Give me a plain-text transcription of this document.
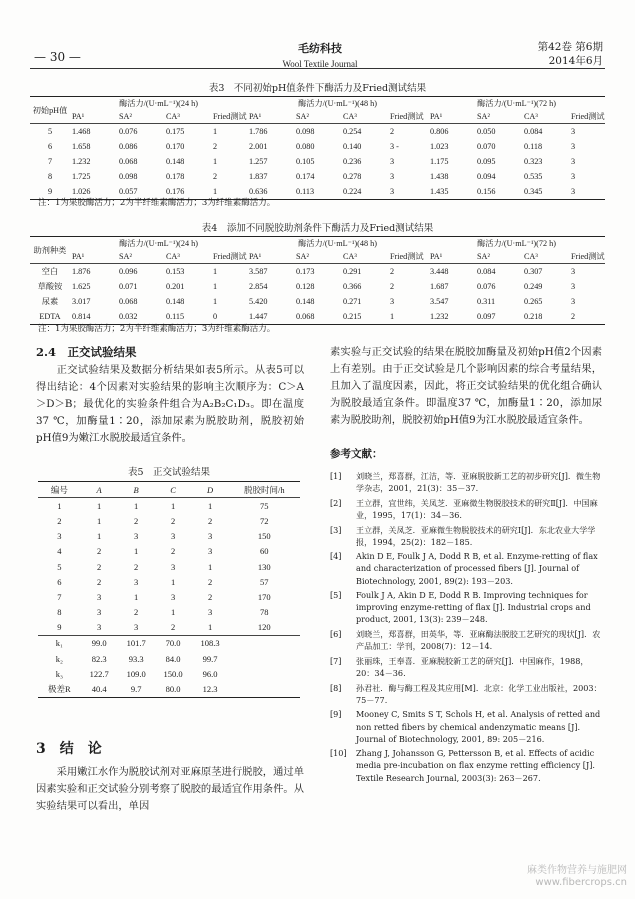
— 30 —
毛纺科技
Wool Textile Journal
第42卷 第6期
2014年6月
表3　不同初始pH值条件下酶活力及Fried测试结果
初始pH值	酶活力/(U·mL⁻¹)(24 h)				酶活力/(U·mL⁻¹)(48 h)				酶活力/(U·mL⁻¹)(72 h)			
	PA¹	SA²	CA³	Fried测试	PA¹	SA²	CA³	Fried测试	PA¹	SA²	CA³	Fried测试
5	1.468	0.076	0.175	1	1.786	0.098	0.254	2	0.806	0.050	0.084	3
6	1.658	0.086	0.170	2	2.001	0.080	0.140	3 -	1.023	0.070	0.118	3
7	1.232	0.068	0.148	1	1.257	0.105	0.236	3	1.175	0.095	0.323	3
8	1.725	0.098	0.178	2	1.837	0.174	0.278	3	1.438	0.094	0.535	3
9	1.026	0.057	0.176	1	0.636	0.113	0.224	3	1.435	0.156	0.345	3
注：1为果胶酶活力；2为半纤维素酶活力；3为纤维素酶活力。
表4　添加不同脱胶助剂条件下酶活力及Fried测试结果
助剂种类	酶活力/(U·mL⁻¹)(24 h)				酶活力/(U·mL⁻¹)(48 h)				酶活力/(U·mL⁻¹)(72 h)			
	PA¹	SA²	CA³	Fried测试	PA¹	SA²	CA³	Fried测试	PA¹	SA²	CA³	Fried测试
空白	1.876	0.096	0.153	1	3.587	0.173	0.291	2	3.448	0.084	0.307	3
草酸铵	1.625	0.071	0.201	1	2.854	0.128	0.366	2	1.687	0.076	0.249	3
尿素	3.017	0.068	0.148	1	5.420	0.148	0.271	3	3.547	0.311	0.265	3
EDTA	0.814	0.032	0.115	0	1.447	0.068	0.215	1	1.232	0.097	0.218	2
注：1为果胶酶活力；2为半纤维素酶活力；3为纤维素酶活力。
2.4　正交试验结果

正交试验结果及数据分析结果如表5所示。从表5可以得出结论：4个因素对实验结果的影响主次顺序为：C＞A＞D＞B；最优化的实验条件组合为A₂B₂C₁D₃。即在温度37 ℃，加酶量1∶20，添加尿素为脱胶助剂，脱胶初始pH值9为嫩江水脱胶最适宜条件。

表5　正交试验结果
编号	A	B	C	D	脱胶时间/h
1	1	1	1	1	75
2	1	2	2	2	72
3	1	3	3	3	150
4	2	1	2	3	60
5	2	2	3	1	130
6	2	3	1	2	57
7	3	1	3	2	170
8	3	2	1	3	78
9	3	3	2	1	120
k₁	99.0	101.7	70.0	108.3	
k₂	82.3	93.3	84.0	99.7	
k₃	122.7	109.0	150.0	96.0	
极差R	40.4	9.7	80.0	12.3	
3　结　论

采用嫩江水作为脱胶试剂对亚麻原茎进行脱胶，通过单因素实验和正交试验分别考察了脱胶的最适宜作用条件。从实验结果可以看出，单因

素实验与正交试验的结果在脱胶加酶量及初始pH值2个因素上有差别。由于正交试验是几个影响因素的综合考量结果，且加入了温度因素，因此，将正交试验结果的优化组合确认为脱胶最适宜条件。即温度37 ℃，加酶量1∶20，添加尿素为脱胶助剂，脱胶初始pH值9为江水脱胶最适宜条件。

参考文献：
[1]	刘晓兰，郑喜群，江洁，等．亚麻脱胶新工艺的初步研究[J]．微生物学杂志，2001，21(3)：35－37.
[2]	王立群，宜世纬，关凤芝．亚麻微生物脱胶技术的研究Ⅱ[J]．中国麻业，1995，17(1)：34－36.
[3]	王立群，关凤芝．亚麻微生物脱胶技术的研究Ⅰ[J]．东北农业大学学报，1994，25(2)：182－185.
[4]	Akin D E, Foulk J A, Dodd R B, et al. Enzyme-retting of flax and characterization of processed fibers [J]. Journal of Biotechnology, 2001, 89(2): 193－203.
[5]	Foulk J A, Akin D E, Dodd R B. Improving techniques for improving enzyme-retting of flax [J]. Industrial crops and product, 2001, 13(3): 239－248.
[6]	刘晓兰，郑喜群，田英华，等．亚麻酶法脱胶工艺研究的现状[J]．农产品加工：学刊，2008(7)：12－14.
[7]	张丽珠，王奉喜．亚麻脱胶新工艺的研究[J]．中国麻作，1988，20：34－36.
[8]	孙君社．酶与酶工程及其应用[M]．北京：化学工业出版社，2003：75－77.
[9]	Mooney C, Smits S T, Schols H, et al. Analysis of retted and non retted fibers by chemical andenzymatic means [J]. Journal of Biotechnology, 2001, 89: 205－216.
[10]	Zhang J, Johansson G, Pettersson B, et al. Effects of acidic media pre-incubation on flax enzyme retting efficiency [J]. Textile Research Journal, 2003(3): 263－267.
麻类作物营养与施肥网
www.fibercrops.cn
